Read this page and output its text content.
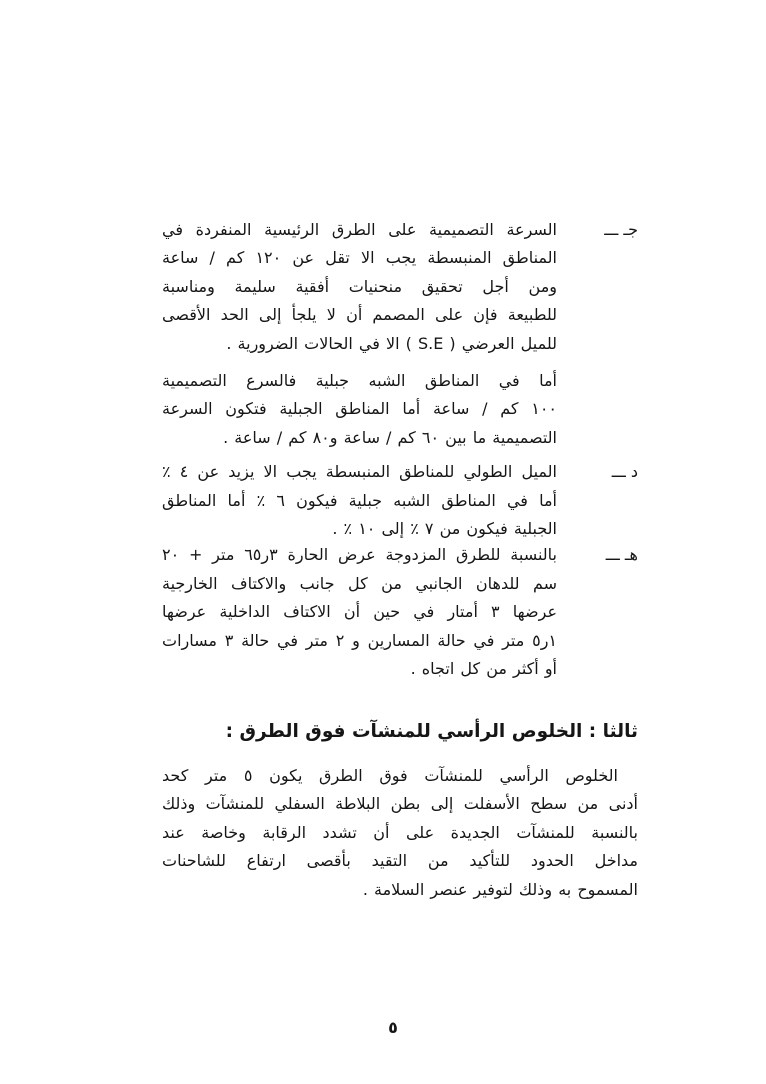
جـ ـــ
السرعة التصميمية على الطرق الرئيسية المنفردة في
المناطق المنبسطة يجب الا تقل عن ١٢٠ كم / ساعة
ومن أجل تحقيق منحنيات أفقية سليمة ومناسبة
للطبيعة فإن على المصمم أن لا يلجأ إلى الحد الأقصى
للميل العرضي ( S.E ) الا في الحالات الضرورية .
أما في المناطق الشبه جبلية فالسرع التصميمية
١٠٠ كم / ساعة أما المناطق الجبلية فتكون السرعة
التصميمية ما بين ٦٠ كم / ساعة و٨٠ كم / ساعة .
د ـــ
الميل الطولي للمناطق المنبسطة يجب الا يزيد عن ٤ ٪
أما في المناطق الشبه جبلية فيكون ٦ ٪ أما المناطق
الجبلية فيكون من ٧ ٪ إلى ١٠ ٪ .
هـ ـــ
بالنسبة للطرق المزدوجة عرض الحارة ٣ر٦٥ متر + ٢٠
سم للدهان الجانبي من كل جانب والاكتاف الخارجية
عرضها ٣ أمتار في حين أن الاكتاف الداخلية عرضها
١ر٥ متر في حالة المسارين و ٢ متر في حالة ٣ مسارات
أو أكثر من كل اتجاه .
ثالثا : الخلوص الرأسي للمنشآت فوق الطرق :
الخلوص الرأسي للمنشآت فوق الطرق يكون ٥ متر كحد
أدنى من سطح الأسفلت إلى بطن البلاطة السفلي للمنشآت وذلك
بالنسبة للمنشآت الجديدة على أن تشدد الرقابة وخاصة عند
مداخل الحدود للتأكيد من التقيد بأقصى ارتفاع للشاحنات
المسموح به وذلك لتوفير عنصر السلامة .
٥
